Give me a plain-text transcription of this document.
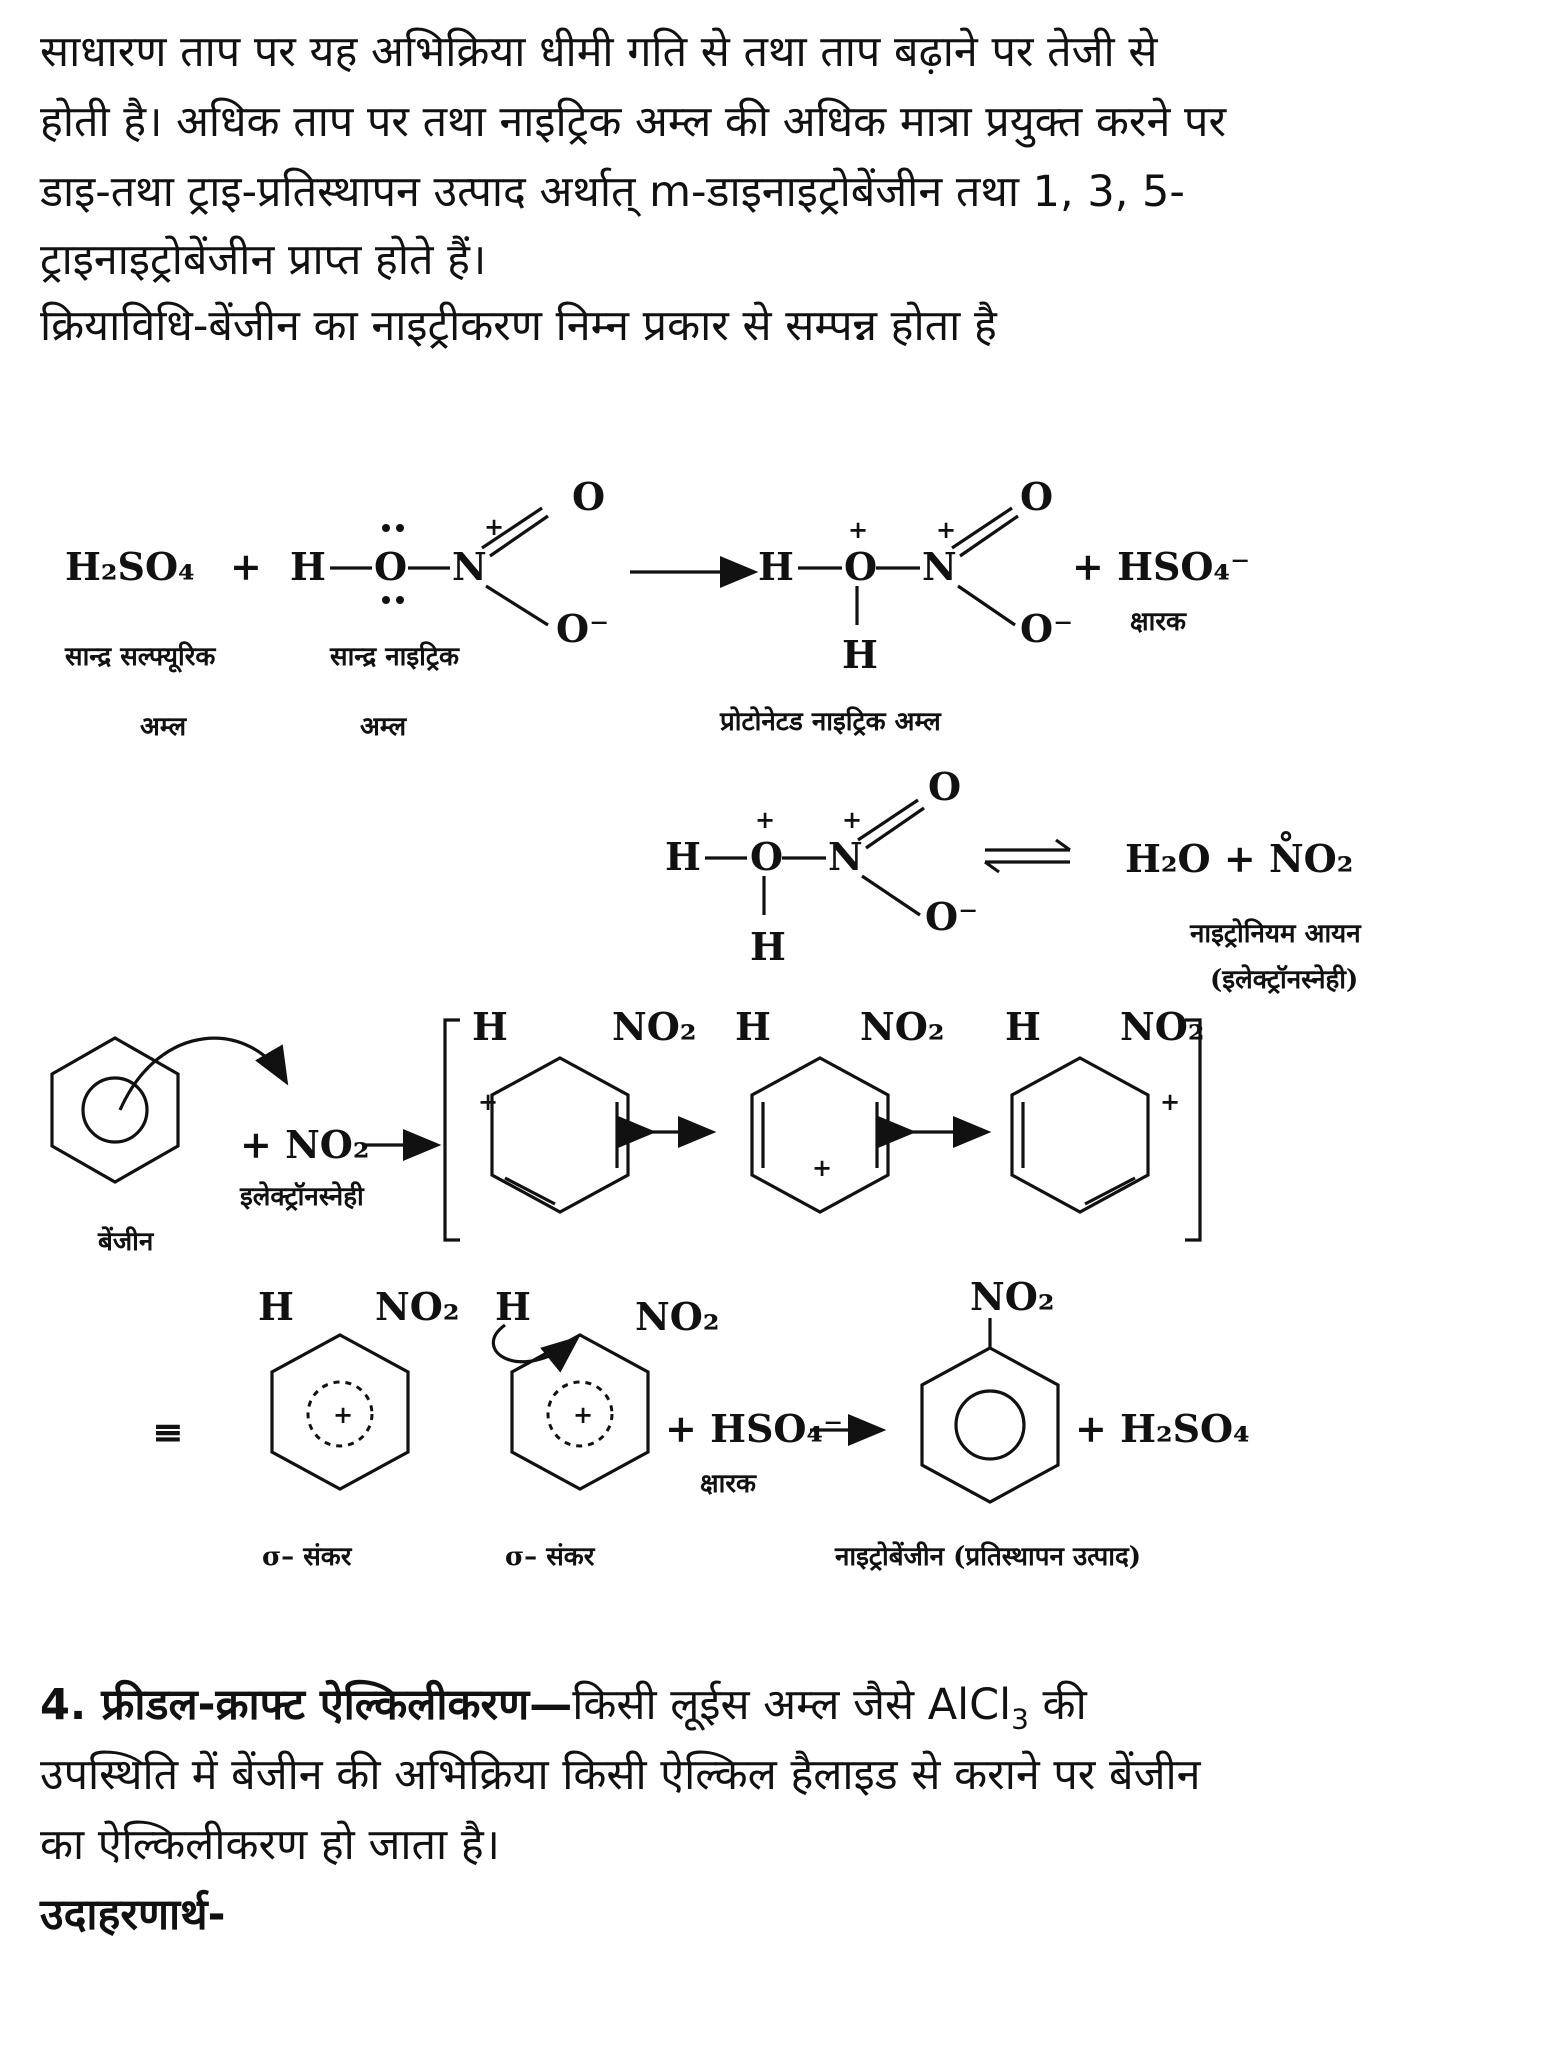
साधारण ताप पर यह अभिक्रिया धीमी गति से तथा ताप बढ़ाने पर तेजी से
होती है। अधिक ताप पर तथा नाइट्रिक अम्ल की अधिक मात्रा प्रयुक्त करने पर
डाइ-तथा ट्राइ-प्रतिस्थापन उत्पाद अर्थात् m-डाइनाइट्रोबेंजीन तथा 1, 3, 5-
ट्राइनाइट्रोबेंजीन प्राप्त होते हैं।
क्रियाविधि-बेंजीन का नाइट्रीकरण निम्न प्रकार से सम्पन्न होता है
H₂SO₄ + H O N
+
O
O⁻
सान्द्र सल्फ्यूरिक
अम्ल
सान्द्र नाइट्रिक
अम्ल
H O
+
H
N
+
O
O⁻
+ HSO₄⁻
क्षारक
प्रोटोनेटड नाइट्रिक अम्ल
H O
+
H
N
+
O
O⁻
H₂O + N̊O₂
नाइट्रोनियम आयन
(इलेक्ट्रॉनस्नेही)
बेंजीन
+ NO₂
इलेक्ट्रॉनस्नेही
H	NO₂
+
H NO₂
+
H NO₂
+
≡
H NO₂
+
σ– संकर
H	NO₂
+
σ– संकर
+ HSO₄⁻
क्षारक
NO₂
+ H₂SO₄
नाइट्रोबेंजीन (प्रतिस्थापन उत्पाद)
4. फ्रीडल-क्राफ्ट ऐल्किलीकरण—किसी लूईस अम्ल जैसे AlCl$_3$ की
उपस्थिति में बेंजीन की अभिक्रिया किसी ऐल्किल हैलाइड से कराने पर बेंजीन
का ऐल्किलीकरण हो जाता है।
उदाहरणार्थ-
